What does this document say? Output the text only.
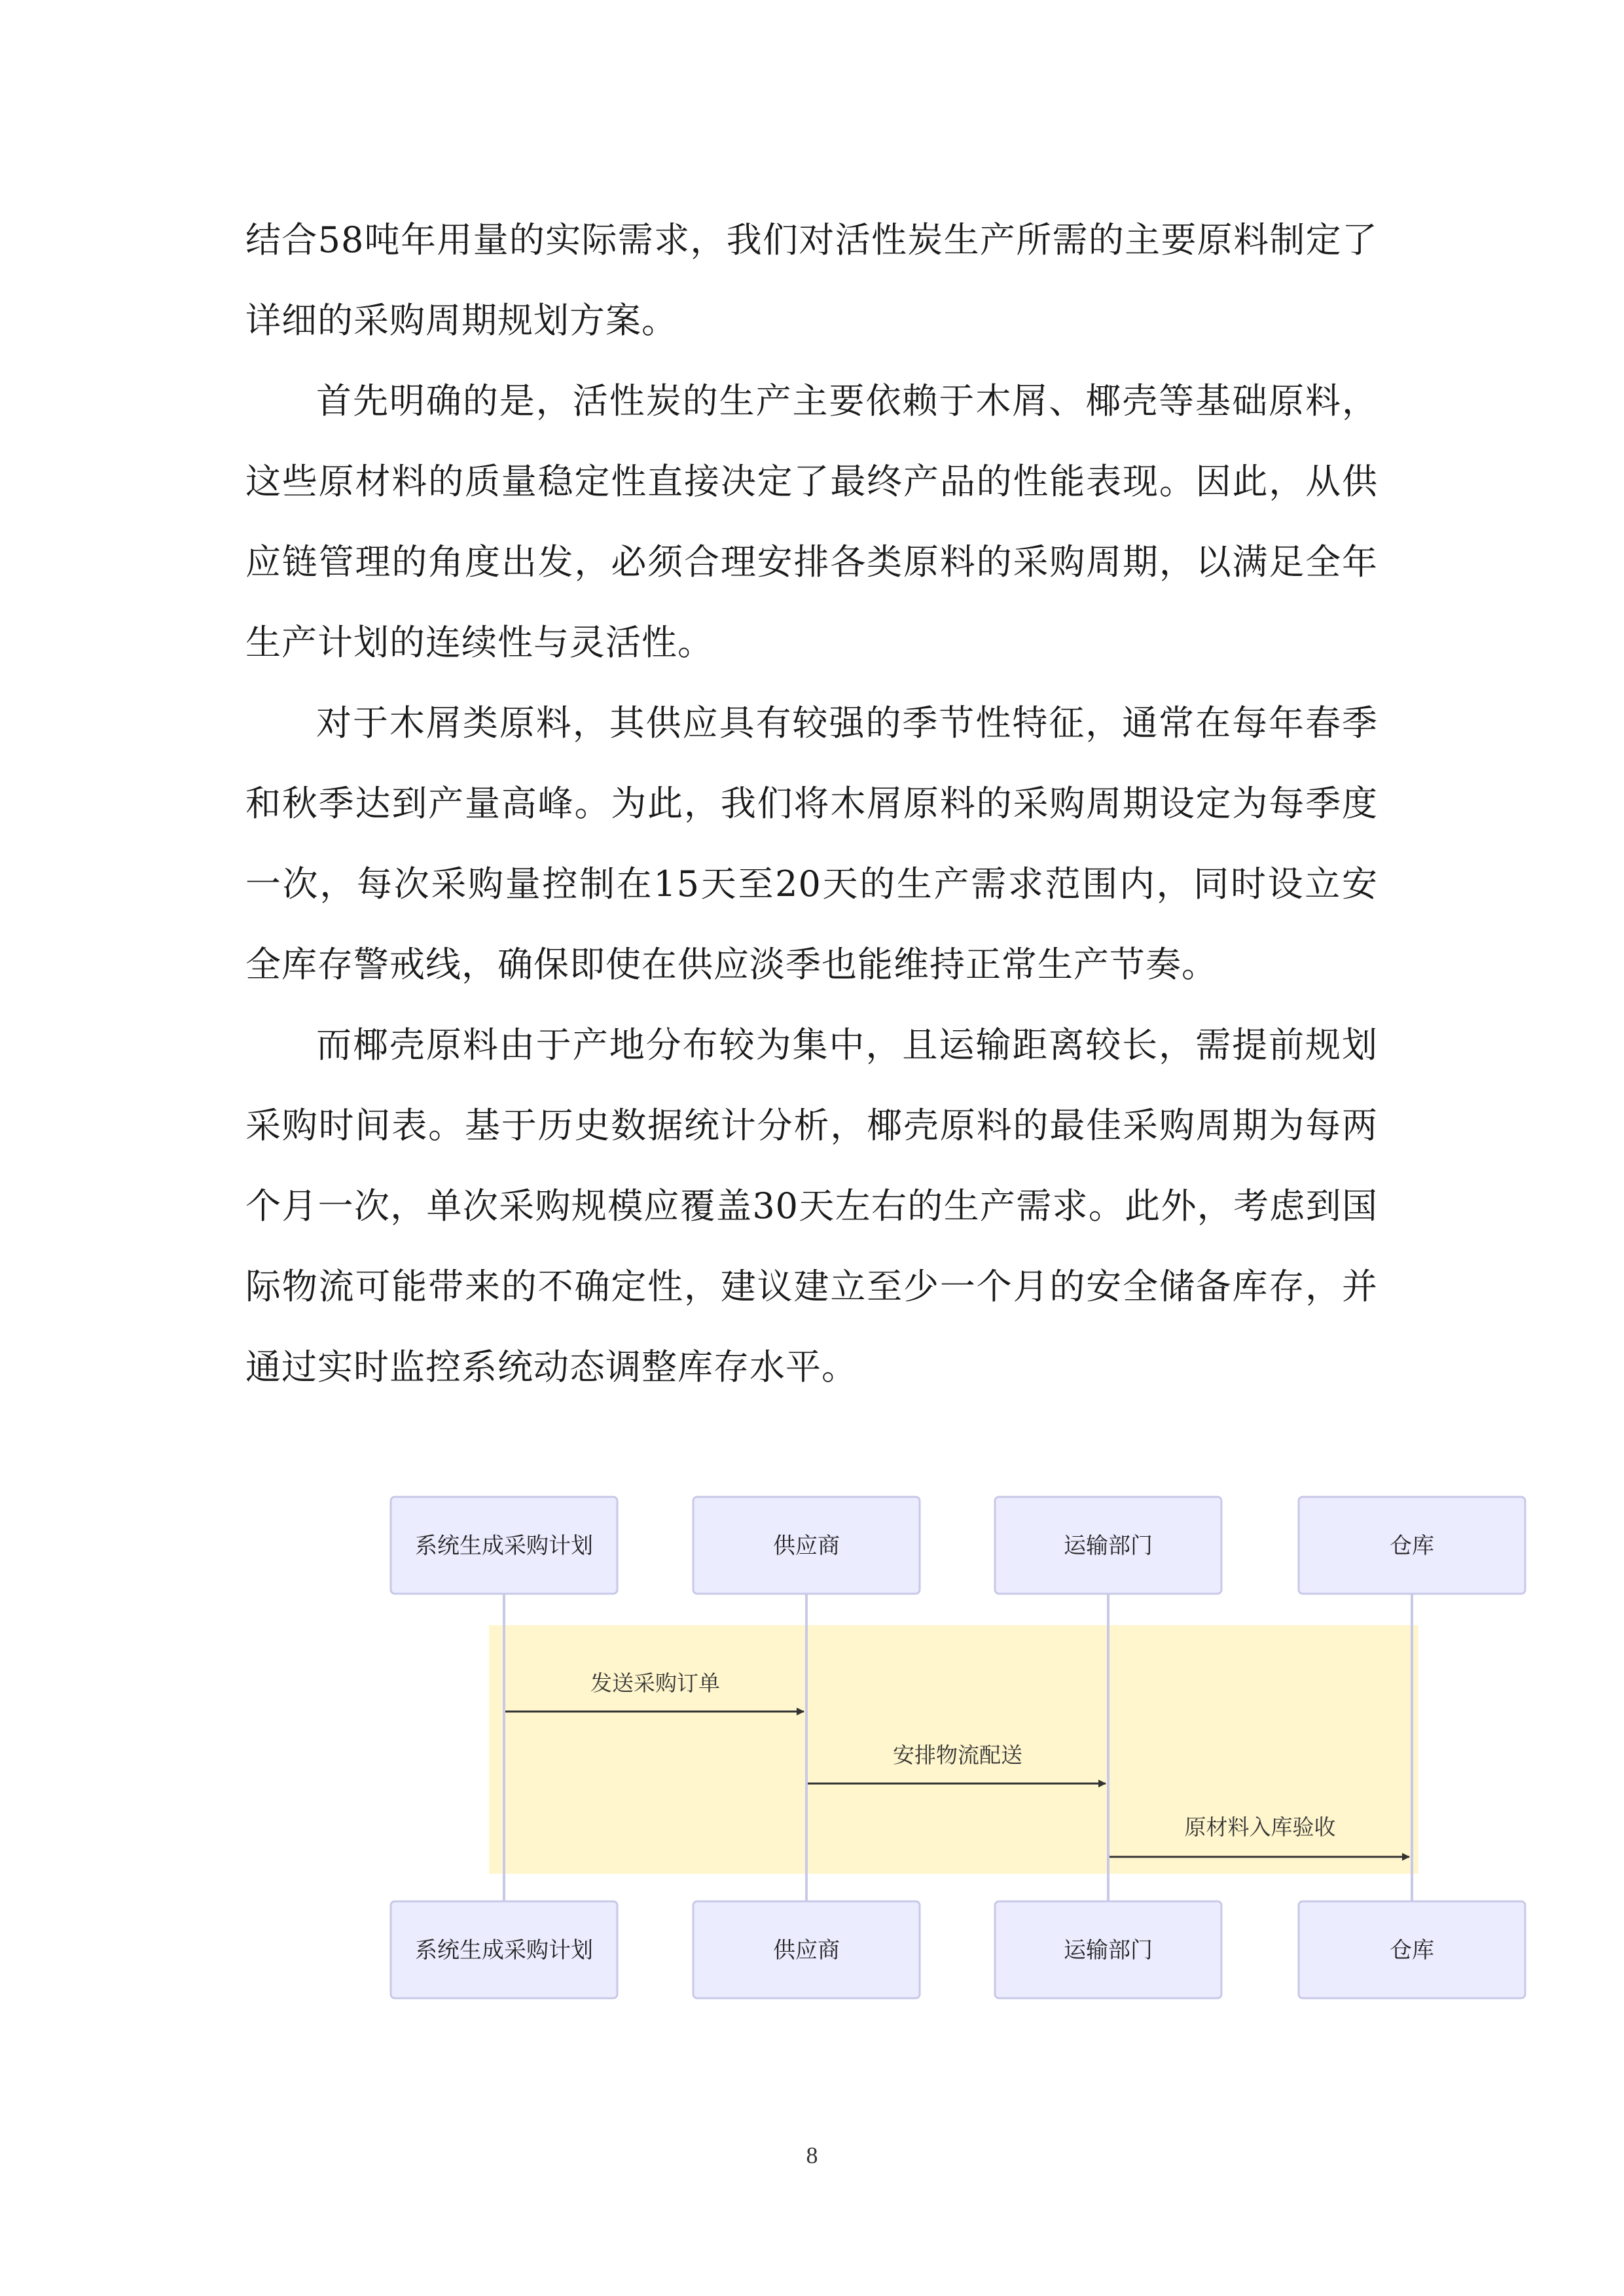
结合58吨年用量的实际需求，我们对活性炭生产所需的主要原料制定了详细的采购周期规划方案。

首先明确的是，活性炭的生产主要依赖于木屑、椰壳等基础原料，这些原材料的质量稳定性直接决定了最终产品的性能表现。因此，从供应链管理的角度出发，必须合理安排各类原料的采购周期，以满足全年生产计划的连续性与灵活性。

对于木屑类原料，其供应具有较强的季节性特征，通常在每年春季和秋季达到产量高峰。为此，我们将木屑原料的采购周期设定为每季度一次，每次采购量控制在15天至20天的生产需求范围内，同时设立安全库存警戒线，确保即使在供应淡季也能维持正常生产节奏。

而椰壳原料由于产地分布较为集中，且运输距离较长，需提前规划采购时间表。基于历史数据统计分析，椰壳原料的最佳采购周期为每两个月一次，单次采购规模应覆盖30天左右的生产需求。此外，考虑到国际物流可能带来的不确定性，建议建立至少一个月的安全储备库存，并通过实时监控系统动态调整库存水平。

系统生成采购计划	供应商	运输部门	仓库
发送采购订单
安排物流配送
原材料入库验收
系统生成采购计划	供应商	运输部门	仓库
8
